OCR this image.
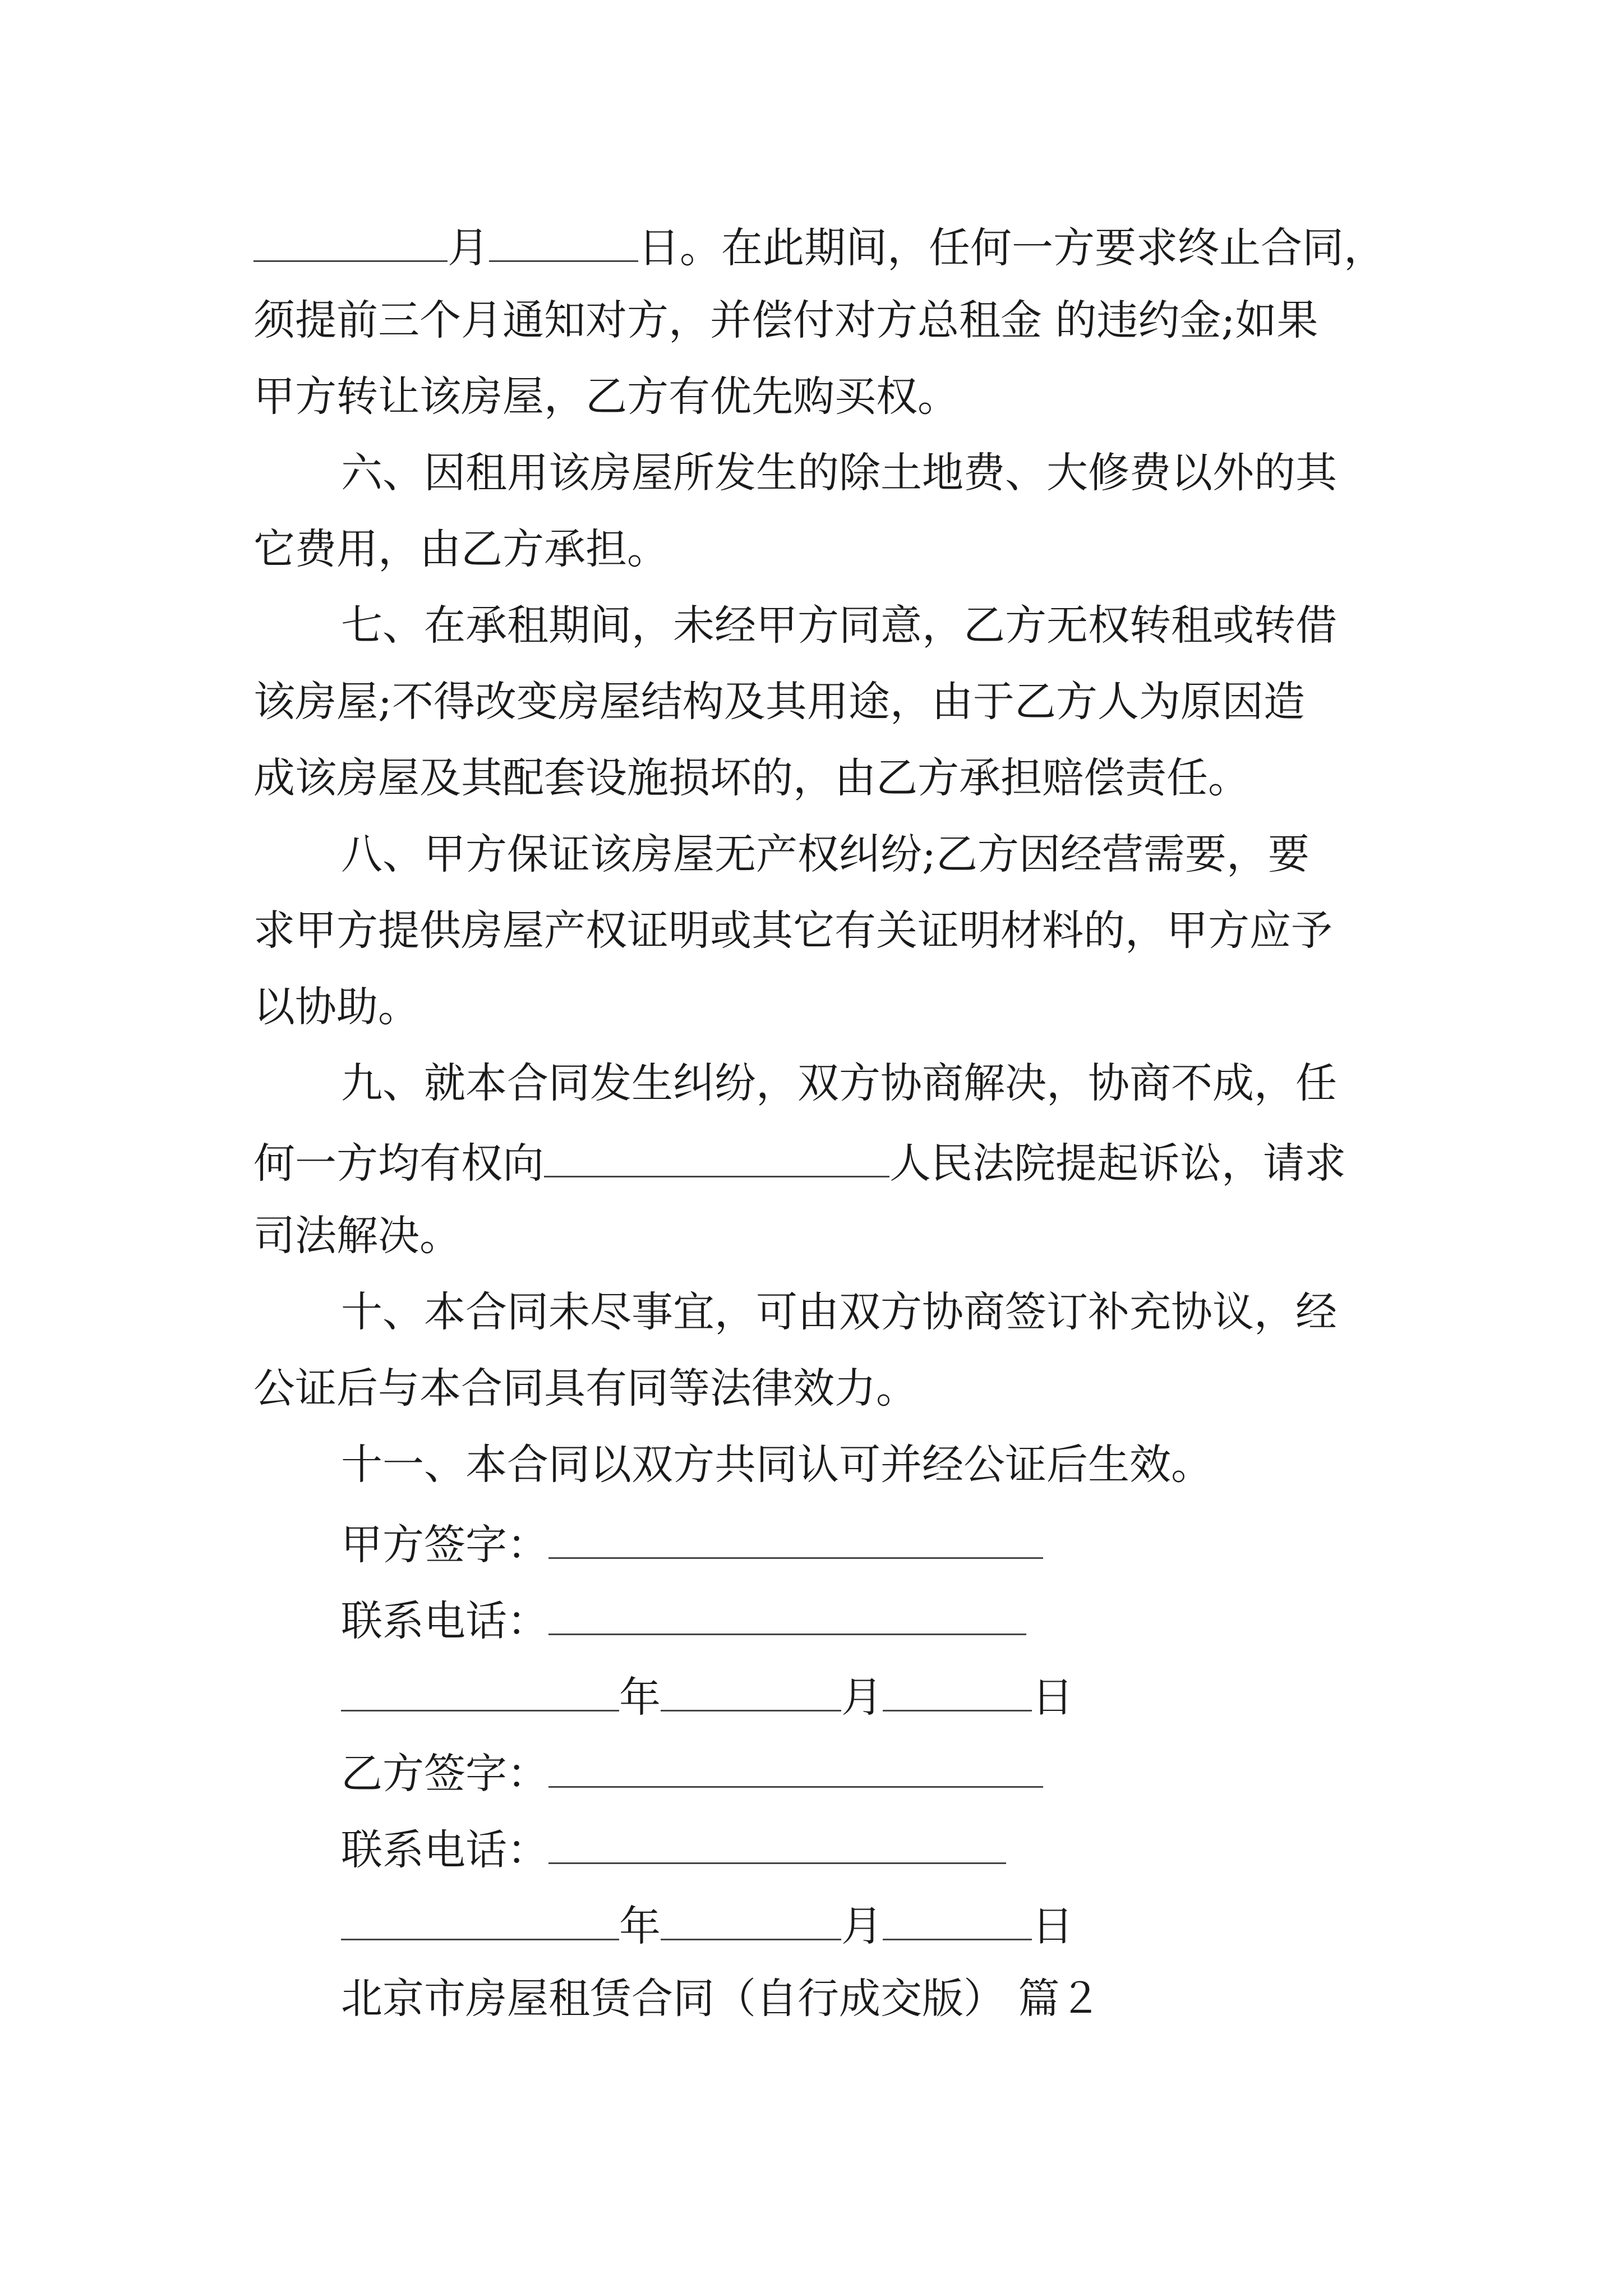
月	日。在此期间，任何一方要求终止合同，
须提前三个月通知对方，并偿付对方总租金 的违约金;如果
甲方转让该房屋，乙方有优先购买权。
六、因租用该房屋所发生的除土地费、大修费以外的其
它费用，由乙方承担。
七、在承租期间，未经甲方同意，乙方无权转租或转借
该房屋;不得改变房屋结构及其用途，由于乙方人为原因造
成该房屋及其配套设施损坏的，由乙方承担赔偿责任。
八、甲方保证该房屋无产权纠纷;乙方因经营需要，要
求甲方提供房屋产权证明或其它有关证明材料的，甲方应予
以协助。
九、就本合同发生纠纷，双方协商解决，协商不成，任
何一方均有权向	人民法院提起诉讼，请求
司法解决。
十、本合同未尽事宜，可由双方协商签订补充协议，经
公证后与本合同具有同等法律效力。
十一、本合同以双方共同认可并经公证后生效。
甲方签字：
联系电话：
年	月	日
乙方签字：
联系电话：
年	月	日
北京市房屋租赁合同（自行成交版） 篇２
